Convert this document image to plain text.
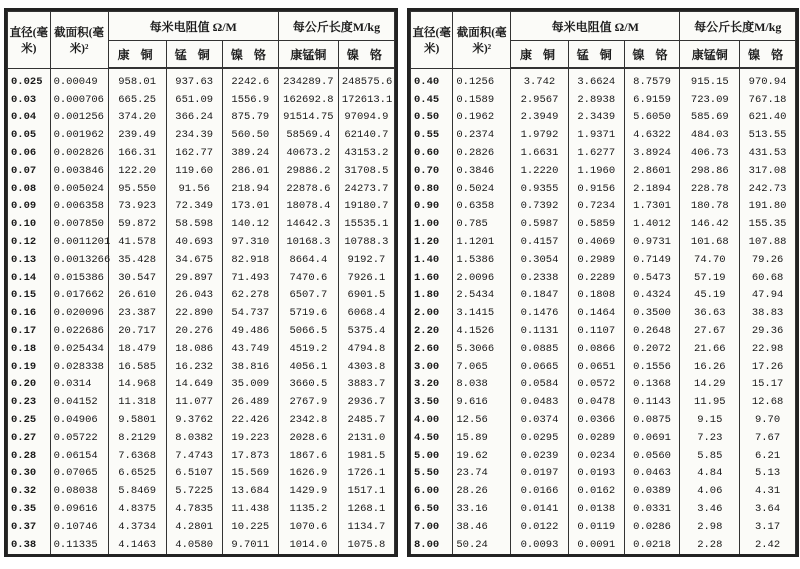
直径(毫米)	截面积(毫米)²	每米电阻值 Ω/M			每公斤长度M/kg	
		康 铜	锰 铜	镍 铬	康锰铜	镍 铬
0.025	0.00049	958.01	937.63	2242.6	234289.7	248575.6
0.03	0.000706	665.25	651.09	1556.9	162692.8	172613.1
0.04	0.001256	374.20	366.24	875.79	91514.75	97094.9
0.05	0.001962	239.49	234.39	560.50	58569.4	62140.7
0.06	0.002826	166.31	162.77	389.24	40673.2	43153.2
0.07	0.003846	122.20	119.60	286.01	29886.2	31708.5
0.08	0.005024	95.550	91.56	218.94	22878.6	24273.7
0.09	0.006358	73.923	72.349	173.01	18078.4	19180.7
0.10	0.007850	59.872	58.598	140.12	14642.3	15535.1
0.12	0.0011201	41.578	40.693	97.310	10168.3	10788.3
0.13	0.0013266	35.428	34.675	82.918	8664.4	9192.7
0.14	0.015386	30.547	29.897	71.493	7470.6	7926.1
0.15	0.017662	26.610	26.043	62.278	6507.7	6901.5
0.16	0.020096	23.387	22.890	54.737	5719.6	6068.4
0.17	0.022686	20.717	20.276	49.486	5066.5	5375.4
0.18	0.025434	18.479	18.086	43.749	4519.2	4794.8
0.19	0.028338	16.585	16.232	38.816	4056.1	4303.8
0.20	0.0314	14.968	14.649	35.009	3660.5	3883.7
0.23	0.04152	11.318	11.077	26.489	2767.9	2936.7
0.25	0.04906	9.5801	9.3762	22.426	2342.8	2485.7
0.27	0.05722	8.2129	8.0382	19.223	2028.6	2131.0
0.28	0.06154	7.6368	7.4743	17.873	1867.6	1981.5
0.30	0.07065	6.6525	6.5107	15.569	1626.9	1726.1
0.32	0.08038	5.8469	5.7225	13.684	1429.9	1517.1
0.35	0.09616	4.8375	4.7835	11.438	1135.2	1268.1
0.37	0.10746	4.3734	4.2801	10.225	1070.6	1134.7
0.38	0.11335	4.1463	4.0580	9.7011	1014.0	1075.8
直径(毫米)	截面积(毫米)²	每米电阻值 Ω/M			每公斤长度M/kg	
		康 铜	锰 铜	镍 铬	康锰铜	镍 铬
0.40	0.1256	3.742	3.6624	8.7579	915.15	970.94
0.45	0.1589	2.9567	2.8938	6.9159	723.09	767.18
0.50	0.1962	2.3949	2.3439	5.6050	585.69	621.40
0.55	0.2374	1.9792	1.9371	4.6322	484.03	513.55
0.60	0.2826	1.6631	1.6277	3.8924	406.73	431.53
0.70	0.3846	1.2220	1.1960	2.8601	298.86	317.08
0.80	0.5024	0.9355	0.9156	2.1894	228.78	242.73
0.90	0.6358	0.7392	0.7234	1.7301	180.78	191.80
1.00	0.785	0.5987	0.5859	1.4012	146.42	155.35
1.20	1.1201	0.4157	0.4069	0.9731	101.68	107.88
1.40	1.5386	0.3054	0.2989	0.7149	74.70	79.26
1.60	2.0096	0.2338	0.2289	0.5473	57.19	60.68
1.80	2.5434	0.1847	0.1808	0.4324	45.19	47.94
2.00	3.1415	0.1476	0.1464	0.3500	36.63	38.83
2.20	4.1526	0.1131	0.1107	0.2648	27.67	29.36
2.60	5.3066	0.0885	0.0866	0.2072	21.66	22.98
3.00	7.065	0.0665	0.0651	0.1556	16.26	17.26
3.20	8.038	0.0584	0.0572	0.1368	14.29	15.17
3.50	9.616	0.0483	0.0478	0.1143	11.95	12.68
4.00	12.56	0.0374	0.0366	0.0875	9.15	9.70
4.50	15.89	0.0295	0.0289	0.0691	7.23	7.67
5.00	19.62	0.0239	0.0234	0.0560	5.85	6.21
5.50	23.74	0.0197	0.0193	0.0463	4.84	5.13
6.00	28.26	0.0166	0.0162	0.0389	4.06	4.31
6.50	33.16	0.0141	0.0138	0.0331	3.46	3.64
7.00	38.46	0.0122	0.0119	0.0286	2.98	3.17
8.00	50.24	0.0093	0.0091	0.0218	2.28	2.42
